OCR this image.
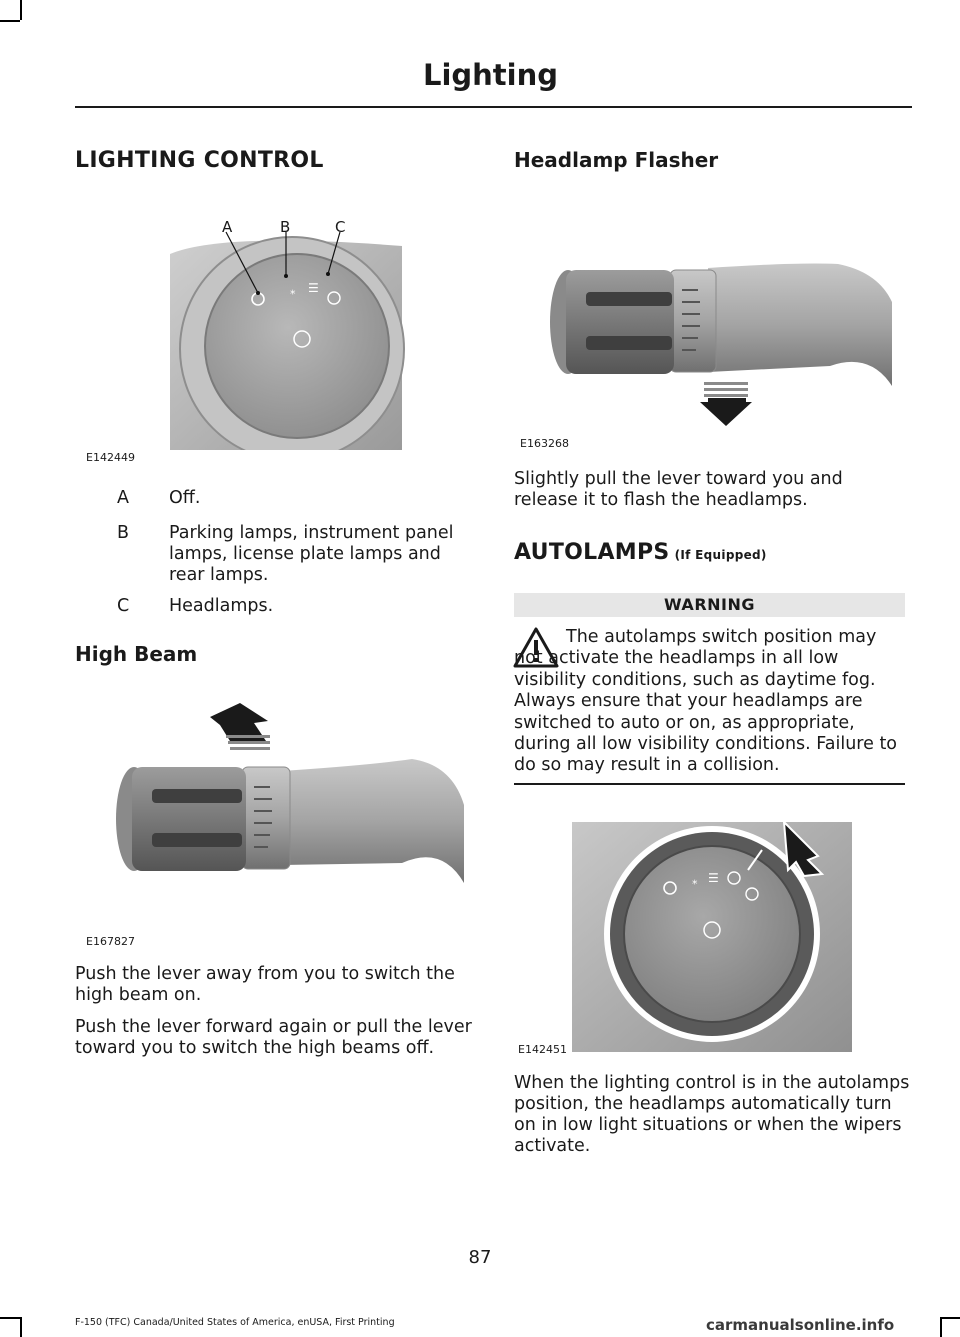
Lighting
LIGHTING CONTROL
⁎ ☰
A	B	C
E142449
A Off.
B Parking lamps, instrument panel lamps, license plate lamps and rear lamps.
C Headlamps.
High Beam
E167827
Push the lever away from you to switch the high beam on.
Push the lever forward again or pull the lever toward you to switch the high beams off.
Headlamp Flasher
E163268
Slightly pull the lever toward you and release it to flash the headlamps.
AUTOLAMPS (If Equipped)
WARNING
The autolamps switch position may not activate the headlamps in all low visibility conditions, such as daytime fog. Always ensure that your headlamps are switched to auto or on, as appropriate, during all low visibility conditions. Failure to do so may result in a collision.
⁎ ☰
E142451
When the lighting control is in the autolamps position, the headlamps automatically turn on in low light situations or when the wipers activate.
87
F-150 (TFC) Canada/United States of America, enUSA, First Printing	carmanualsonline.info
